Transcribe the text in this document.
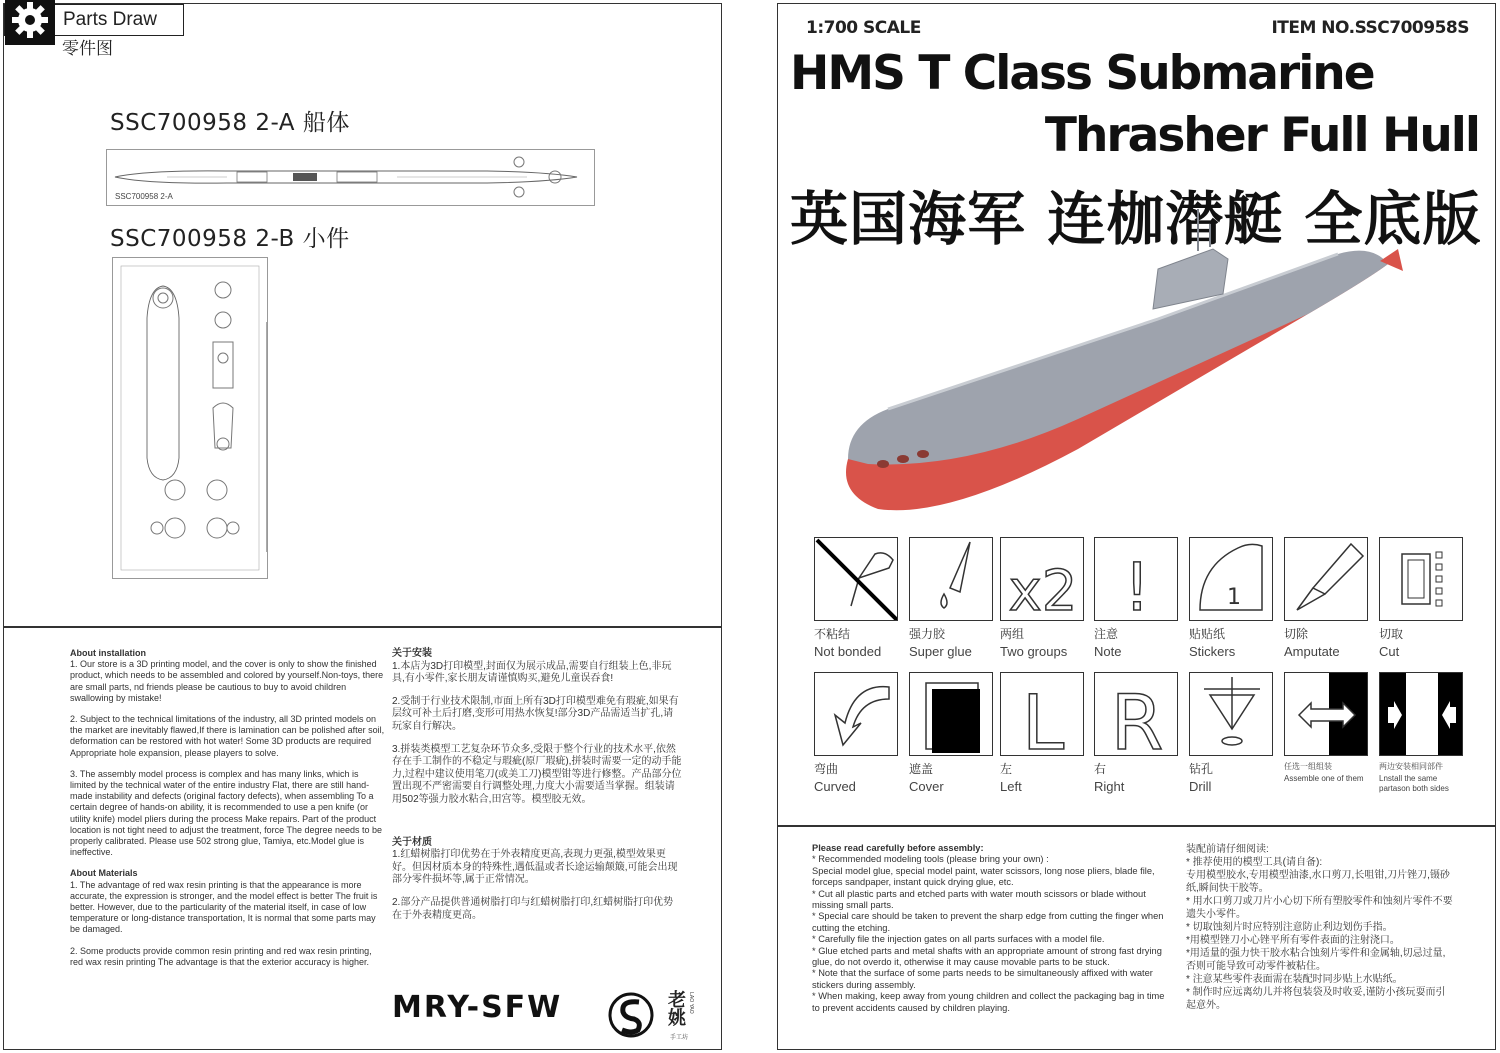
Parts Draw
零件图
SSC700958 2-A 船体
SSC700958 2-A
SSC700958 2-B 小件
About installation

1. Our store is a 3D printing model, and the cover is only to show the finished product, which needs to be assembled and colored by yourself.Non-toys, there are small parts, nd friends please be cautious to buy to avoid children swallowing by mistake!

2. Subject to the technical limitations of the industry, all 3D printed models on the market are inevitably flawed,If there is lamination can be polished after soil, deformation can be restored with hot water! Some 3D products are required Appropriate hole expansion, please players to solve.

3. The assembly model process is complex and has many links, which is limited by the technical water of the entire industry Flat, there are still hand-made instability and defects (original factory defects), when assembling To a certain degree of hands-on ability, it is recommended to use a pen knife (or utility knife) model pliers during the process Make repairs. Part of the product location is not tight need to adjust the treatment, force The degree needs to be properly calibrated. Please use 502 strong glue, Tamiya, etc.Model glue is ineffective.

About Materials

1. The advantage of red wax resin printing is that the appearance is more accurate, the expression is stronger, and the model effect is better The fruit is better. However, due to the particularity of the material itself, in case of low temperature or long-distance transportation, It is normal that some parts may be damaged.

2. Some products provide common resin printing and red wax resin printing, red wax resin printing The advantage is that the exterior accuracy is higher.

关于安装

1.本店为3D打印模型,封面仅为展示成品,需要自行组装上色,非玩具,有小零件,家长朋友请谨慎购买,避免儿童误吞食!

2.受制于行业技术限制,市面上所有3D打印模型难免有瑕疵,如果有层纹可补土后打磨,变形可用热水恢复!部分3D产品需适当扩孔,请玩家自行解决。

3.拼装类模型工艺复杂环节众多,受限于整个行业的技术水平,依然存在手工制作的不稳定与瑕疵(原厂瑕疵),拼装时需要一定的动手能力,过程中建议使用笔刀(或美工刀)模型钳等进行修整。产品部分位置出现不严密需要自行调整处理,力度大小需要适当掌握。组装请用502等强力胶水粘合,田宫等。模型胶无效。

关于材质

1.红蜡树脂打印优势在于外表精度更高,表现力更强,模型效果更好。但因材质本身的特殊性,遇低温或者长途运输颠簸,可能会出现部分零件损坏等,属于正常情况。

2.部分产品提供普通树脂打印与红蜡树脂打印,红蜡树脂打印优势在于外表精度更高。

MRY-SFW	老姚 LAO YAO
手工坊
1:700 SCALE	ITEM NO.SSC700958S
HMS T Class Submarine
Thrasher Full Hull
英国海军 连枷潜艇 全底版
不粘结
Not bonded
强力胶
Super glue
x2
两组
Two groups
!
注意
Note
1
贴贴纸
Stickers
切除
Amputate
切取
Cut
弯曲
Curved
遮盖
Cover
L
左
Left
R
右
Right
钻孔
Drill
任选一组组装
Assemble one of them
两边安装相同部件
Lnstall the same partason both sides
Please read carefully before assembly:
* Recommended modeling tools (please bring your own) :
Special model glue, special model paint, water scissors, long nose pliers, blade file, forceps sandpaper, instant quick drying glue, etc.
* Cut all plastic parts and etched parts with water mouth scissors or blade without missing small parts.
* Special care should be taken to prevent the sharp edge from cutting the finger when cutting the etching.
* Carefully file the injection gates on all parts surfaces with a model file.
* Glue etched parts and metal shafts with an appropriate amount of strong fast drying glue, do not overdo it, otherwise it may cause movable parts to be stuck.
* Note that the surface of some parts needs to be simultaneously affixed with water stickers during assembly.
* When making, keep away from young children and collect the packaging bag in time to prevent accidents caused by children playing.
装配前请仔细阅读:
* 推荐使用的模型工具(请自备):
专用模型胶水,专用模型油漆,水口剪刀,长咀钳,刀片锉刀,镊砂纸,瞬间快干胶等。
* 用水口剪刀或刀片小心切下所有塑胶零件和蚀刻片零件不要遗失小零件。
* 切取蚀刻片时应特别注意防止利边划伤手指。
*用模型锉刀小心锉平所有零件表面的注射浇口。
*用适量的强力快干胶水粘合蚀刻片零件和金属轴,切忌过量,否则可能导致可动零件被粘住。
* 注意某些零件表面需在装配时同步贴上水贴纸。
* 制作时应远离幼儿并将包装袋及时收妥,谨防小孩玩耍而引起意外。
